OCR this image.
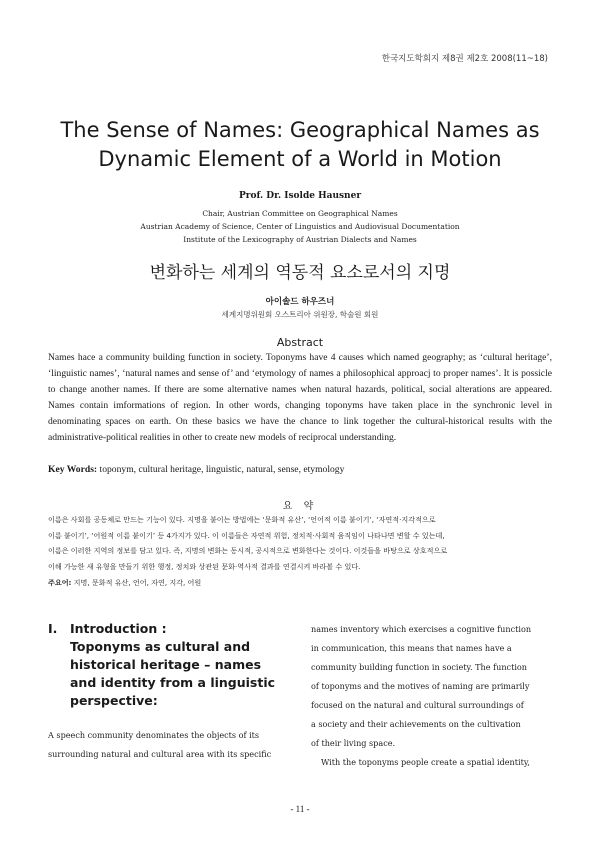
한국지도학회지 제8권 제2호 2008(11~18)
The Sense of Names: Geographical Names as
Dynamic Element of a World in Motion
Prof. Dr. Isolde Hausner
Chair, Austrian Committee on Geographical Names
Austrian Academy of Science, Center of Linguistics and Audiovisual Documentation
Institute of the Lexicography of Austrian Dialects and Names
변화하는 세계의 역동적 요소로서의 지명
아이솔드 하우즈너
세계지명위원회 오스트리아 위원장, 학술원 회원
Abstract

Names hace a community building function in society. Toponyms have 4 causes which named geography; as ‘cultural heritage’, ‘linguistic names’, ‘natural names and sense of’ and ‘etymology of names a philosophical approacj to proper names’. It is possicle to change another names. If there are some alternative names when natural hazards, political, social alterations are appeared. Names contain imformations of region. In other words, changing toponyms have taken place in the synchronic level in denominating spaces on earth. On these basics we have the chance to link together the cultural-historical results with the administrative-political realities in other to create new models of reciprocal understanding.

Key Words: toponym, cultural heritage, linguistic, natural, sense, etymology
요 약
이름은 사회를 공동체로 만드는 기능이 있다. 지명을 붙이는 방법에는 ‘문화적 유산’, ‘언어적 이름 붙이기’, ‘자연적·지각적으로
이름 붙이기’, ‘어원적 이름 붙이기’ 등 4가지가 있다. 이 이름들은 자연적 위험, 정치적·사회적 움직임이 나타나면 변할 수 있는데,
이름은 이러한 지역의 정보를 담고 있다. 즉, 지명의 변화는 동시적, 공시적으로 변화한다는 것이다. 이것들을 바탕으로 상호적으로
이해 가능한 새 유형을 만들기 위한 행정, 정치와 상관된 문화·역사적 결과를 연결시켜 바라볼 수 있다.
주요어: 지명, 문화적 유산, 언어, 자연, 지각, 어원
I. Introduction :
Toponyms as cultural and
historical heritage – names
and identity from a linguistic
perspective:

A speech community denominates the objects of its
surrounding natural and cultural area with its specific

names inventory which exercises a cognitive function
in communication, this means that names have a
community building function in society. The function
of toponyms and the motives of naming are primarily
focused on the natural and cultural surroundings of
a society and their achievements on the cultivation
of their living space.

With the toponyms people create a spatial identity,

- 11 -
